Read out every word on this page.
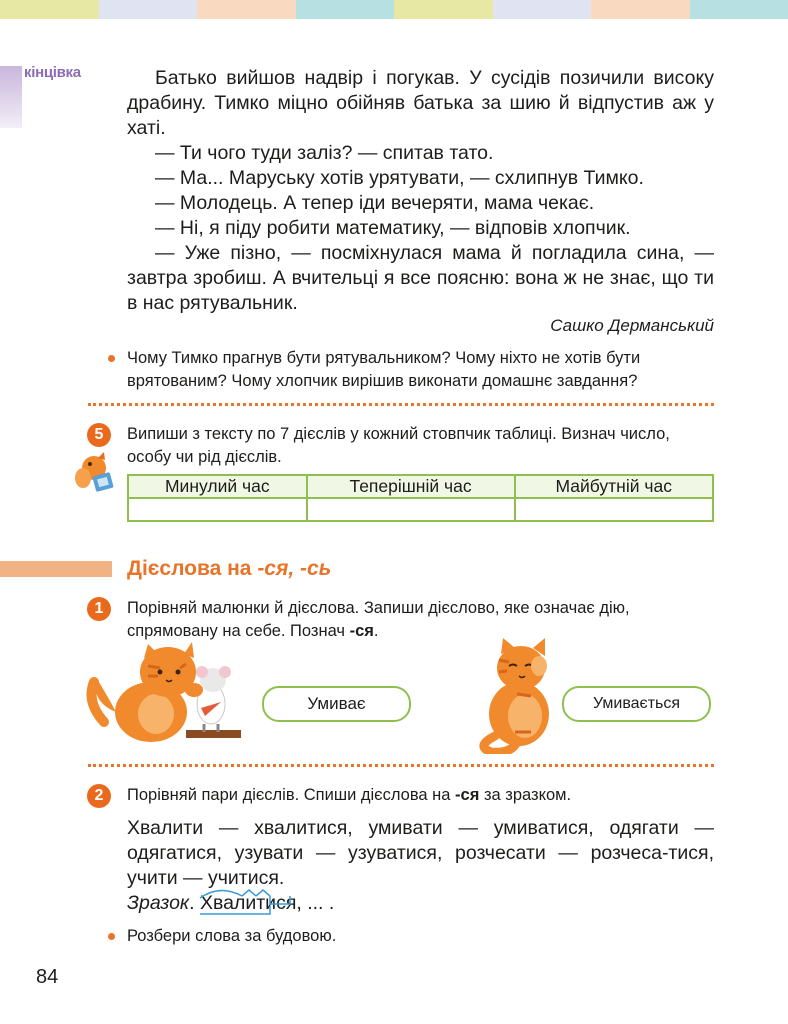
кінцівка	Батько вийшов надвір і погукав. У сусідів позичили високу драбину. Тимко міцно обійняв батька за шию й відпустив аж у хаті.

— Ти чого туди заліз? — спитав тато.

— Ма... Маруську хотів урятувати, — схлипнув Тимко.

— Молодець. А тепер іди вечеряти, мама чекає.

— Ні, я піду робити математику, — відповів хлопчик.

— Уже пізно, — посміхнулася мама й погладила сина, — завтра зробиш. А вчительці я все поясню: вона ж не знає, що ти в нас рятувальник.

Сашко Дерманський

Чому Тимко прагнув бути рятувальником? Чому ніхто не хотів бути врятованим? Чому хлопчик вирішив виконати домашнє завдання?

5	Випиши з тексту по 7 дієслів у кожний стовпчик таблиці. Визнач число, особу чи рід дієслів.

Минулий час	Теперішній час	Майбутній час

Дієслова на -ся, -сь
1	Порівняй малюнки й дієслова. Запиши дієслово, яке означає дію, спрямовану на себе. Познач -ся.

Умиває	Умивається
2	Порівняй пари дієслів. Спиши дієслова на -ся за зразком.

Хвалити — хвалитися, умивати — умиватися, одягати — одягатися, узувати — узуватися, розчесати — розчеса-тися, учити — учитися.

Зразок. Хвалитися
, ... .

Розбери слова за будовою.

84
